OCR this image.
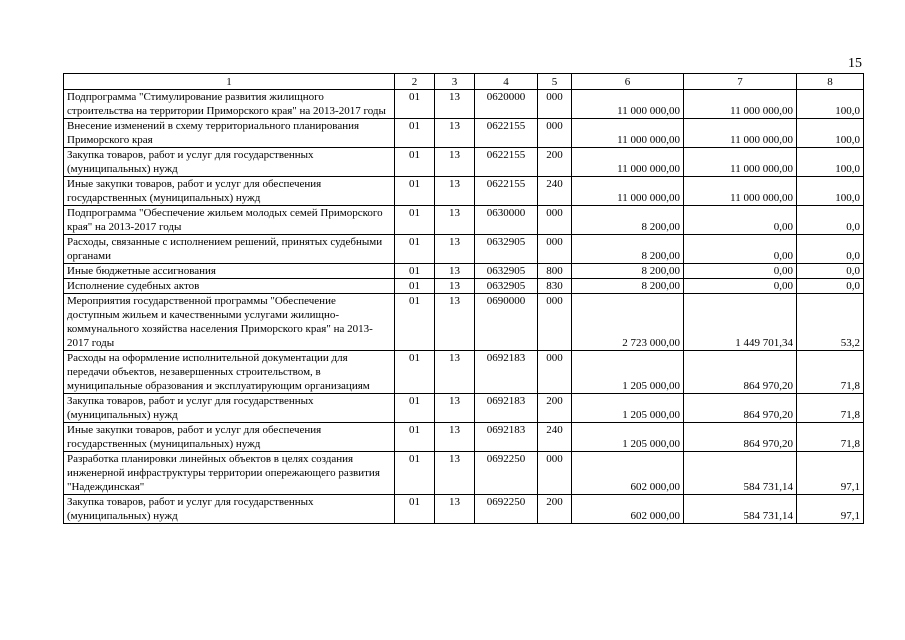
15
1	2	3	4	5	6	7	8
Подпрограмма "Стимулирование развития жилищного строительства на территории Приморского края" на 2013-2017 годы	01	13	0620000	000	11 000 000,00	11 000 000,00	100,0
Внесение изменений в схему территориального планирования Приморского края	01	13	0622155	000	11 000 000,00	11 000 000,00	100,0
Закупка товаров, работ и услуг для государственных (муниципальных) нужд	01	13	0622155	200	11 000 000,00	11 000 000,00	100,0
Иные закупки товаров, работ и услуг для обеспечения государственных (муниципальных) нужд	01	13	0622155	240	11 000 000,00	11 000 000,00	100,0
Подпрограмма "Обеспечение жильем молодых семей Приморского края" на 2013-2017 годы	01	13	0630000	000	8 200,00	0,00	0,0
Расходы, связанные с исполнением решений, принятых судебными органами	01	13	0632905	000	8 200,00	0,00	0,0
Иные бюджетные ассигнования	01	13	0632905	800	8 200,00	0,00	0,0
Исполнение судебных актов	01	13	0632905	830	8 200,00	0,00	0,0
Мероприятия государственной программы "Обеспечение доступным жильем и качественными услугами жилищно-коммунального хозяйства населения Приморского края" на 2013-2017 годы	01	13	0690000	000	2 723 000,00	1 449 701,34	53,2
Расходы на оформление исполнительной документации для передачи объектов, незавершенных строительством, в муниципальные образования и эксплуатирующим организациям	01	13	0692183	000	1 205 000,00	864 970,20	71,8
Закупка товаров, работ и услуг для государственных (муниципальных) нужд	01	13	0692183	200	1 205 000,00	864 970,20	71,8
Иные закупки товаров, работ и услуг для обеспечения государственных (муниципальных) нужд	01	13	0692183	240	1 205 000,00	864 970,20	71,8
Разработка планировки линейных объектов в целях создания инженерной инфраструктуры территории опережающего развития "Надеждинская"	01	13	0692250	000	602 000,00	584 731,14	97,1
Закупка товаров, работ и услуг для государственных (муниципальных) нужд	01	13	0692250	200	602 000,00	584 731,14	97,1
